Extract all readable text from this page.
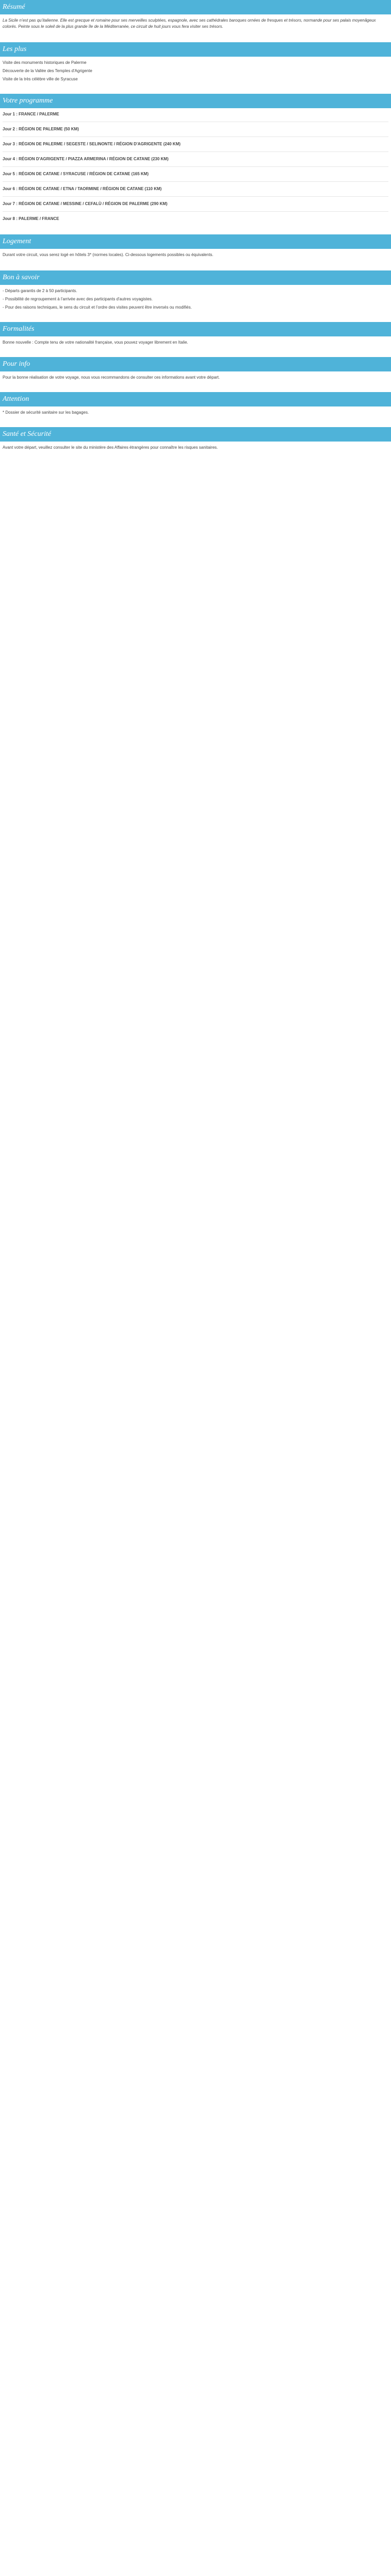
Résumé

La Sicile n’est pas qu’italienne. Elle est grecque et romaine pour ses merveilles sculptées, espagnole, avec ses cathédrales baroques ornées de fresques et trésors, normande pour ses palais moyenâgeux colorés. Peinte sous le soleil de la plus grande île de la Méditerranée, ce circuit de huit jours vous fera visiter ses trésors.

Les plus

Visite des monuments historiques de Palerme

Découverte de la Vallée des Temples d'Agrigente

Visite de la très célèbre ville de Syracuse

Votre programme

Jour 1 : FRANCE / PALERME

Jour 2 : RÉGION DE PALERME (50 KM)

Jour 3 : RÉGION DE PALERME / SEGESTE / SELINONTE / RÉGION D'AGRIGENTE (240 KM)

Jour 4 : RÉGION D'AGRIGENTE / PIAZZA ARMERINA / RÉGION DE CATANE (230 KM)

Jour 5 : RÉGION DE CATANE / SYRACUSE / RÉGION DE CATANE (165 KM)

Jour 6 : RÉGION DE CATANE / ETNA / TAORMINE / RÉGION DE CATANE (110 KM)

Jour 7 : RÉGION DE CATANE / MESSINE / CEFALÙ / RÉGION DE PALERME (290 KM)

Jour 8 : PALERME / FRANCE

Logement

Durant votre circuit, vous serez logé en hôtels 3* (normes locales). Ci-dessous logements possibles ou équivalents.

Bon à savoir

- Départs garantis de 2 à 50 participants.

- Possibilité de regroupement à l’arrivée avec des participants d'autres voyagistes.

- Pour des raisons techniques, le sens du circuit et l’ordre des visites peuvent être inversés ou modifiés.

Formalités

Bonne nouvelle : Compte tenu de votre nationalité française, vous pouvez voyager librement en Italie.

Pour info

Pour la bonne réalisation de votre voyage, nous vous recommandons de consulter ces informations avant votre départ.

Attention

* Dossier de sécurité sanitaire sur les bagages.

Santé et Sécurité

Avant votre départ, veuillez consulter le site du ministère des Affaires étrangères pour connaître les risques sanitaires.
